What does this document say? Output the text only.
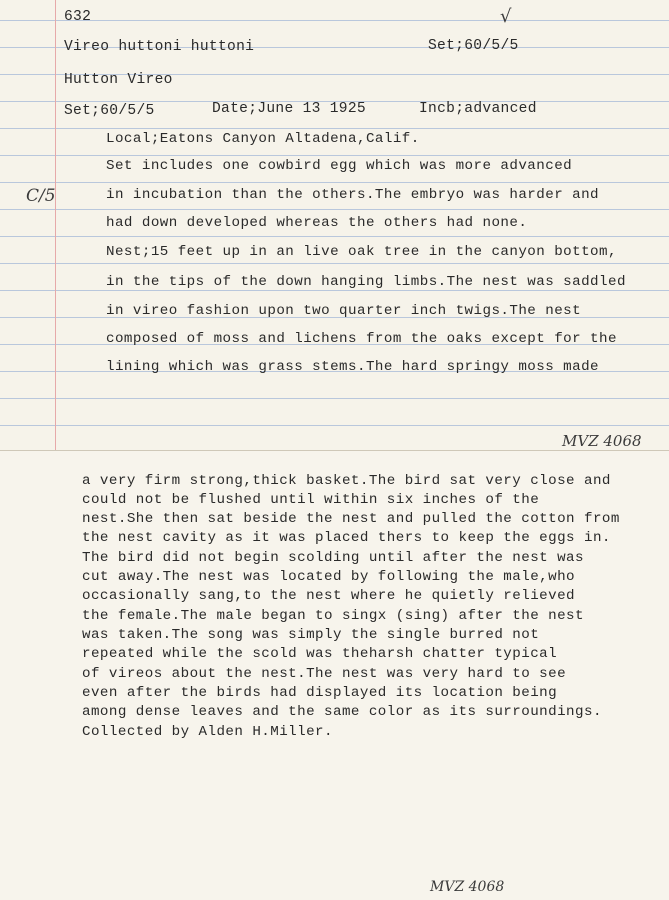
632
Vireo huttoni huttoni	Set;60/5/5
√
Hutton Vireo
Set;60/5/5	Date;June 13 1925	Incb;advanced
C/5
Local;Eatons Canyon Altadena,Calif.
Set includes one cowbird egg which was more advanced
in incubation than the others.The embryo was harder and
had down developed whereas the others had none.
Nest;15 feet up in an live oak tree in the canyon bottom,
in the tips of the down hanging limbs.The nest was saddled
in vireo fashion upon two quarter inch twigs.The nest
composed of moss and lichens from the oaks except for the
lining which was grass stems.The hard springy moss made
MVZ 4068
a very firm strong,thick basket.The bird sat very close and
could not be flushed until within six inches of the
nest.She then sat beside the nest and pulled the cotton from
the nest cavity as it was placed thers to keep the eggs in.
The bird did not begin scolding until after the nest was
cut away.The nest was located by following the male,who
occasionally sang,to the nest where he quietly relieved
the female.The male began to singx (sing) after the nest
was taken.The song was simply the single burred not
repeated while the scold was theharsh chatter typical
of vireos about the nest.The nest was very hard to see
even after the birds had displayed its location being
among dense leaves and the same color as its surroundings.
Collected by Alden H.Miller.
MVZ 4068
